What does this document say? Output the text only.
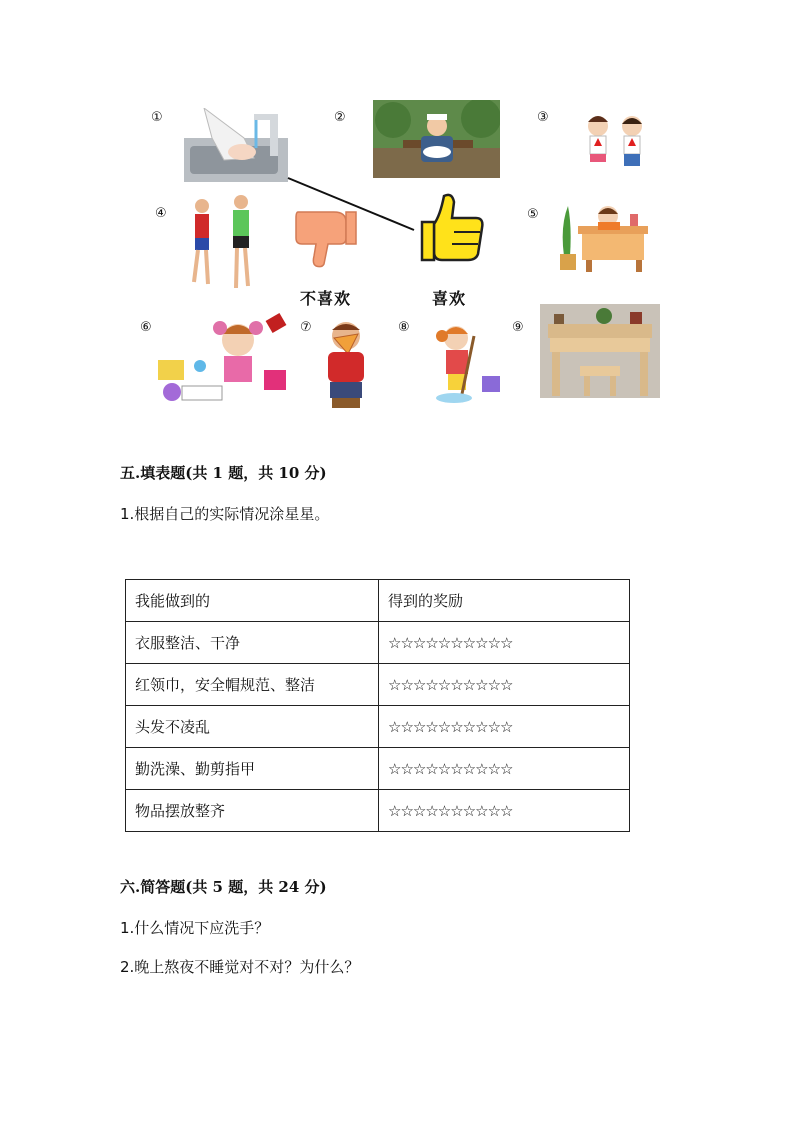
①	②	③
④	⑤
⑥	⑦	⑧	⑨
不喜欢	喜欢
五.填表题(共 1 题，共 10 分)
1.根据自己的实际情况涂星星。
我能做到的	得到的奖励
衣服整洁、干净	☆☆☆☆☆☆☆☆☆☆
红领巾，安全帽规范、整洁	☆☆☆☆☆☆☆☆☆☆
头发不凌乱	☆☆☆☆☆☆☆☆☆☆
勤洗澡、勤剪指甲	☆☆☆☆☆☆☆☆☆☆
物品摆放整齐	☆☆☆☆☆☆☆☆☆☆
六.简答题(共 5 题，共 24 分)
1.什么情况下应洗手？
2.晚上熬夜不睡觉对不对？为什么？
